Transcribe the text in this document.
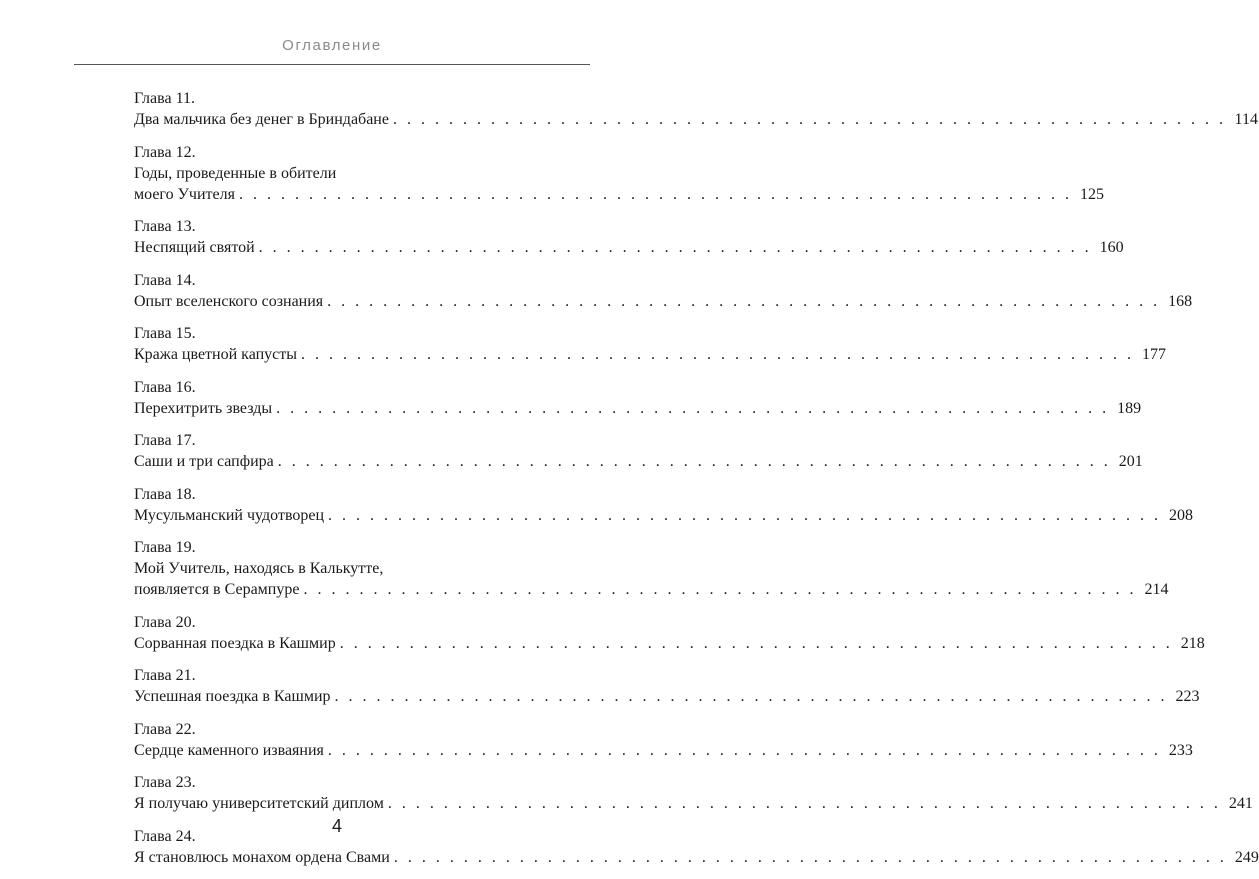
Оглавление
Глава 11.
Два мальчика без денег в Бриндабане . . . . . . . . . . . . . . . . . . . . . . . . . . . . . . . . . . . . . . . . . . . . . . . . . . . . . . . . . . . . 114
Глава 12.
Годы, проведенные в обители
моего Учителя . . . . . . . . . . . . . . . . . . . . . . . . . . . . . . . . . . . . . . . . . . . . . . . . . . . . . . . . . . . . 125
Глава 13.
Неспящий святой . . . . . . . . . . . . . . . . . . . . . . . . . . . . . . . . . . . . . . . . . . . . . . . . . . . . . . . . . . . . 160
Глава 14.
Опыт вселенского сознания . . . . . . . . . . . . . . . . . . . . . . . . . . . . . . . . . . . . . . . . . . . . . . . . . . . . . . . . . . . . 168
Глава 15.
Кража цветной капусты . . . . . . . . . . . . . . . . . . . . . . . . . . . . . . . . . . . . . . . . . . . . . . . . . . . . . . . . . . . . 177
Глава 16.
Перехитрить звезды . . . . . . . . . . . . . . . . . . . . . . . . . . . . . . . . . . . . . . . . . . . . . . . . . . . . . . . . . . . . 189
Глава 17.
Саши и три сапфира . . . . . . . . . . . . . . . . . . . . . . . . . . . . . . . . . . . . . . . . . . . . . . . . . . . . . . . . . . . . 201
Глава 18.
Мусульманский чудотворец . . . . . . . . . . . . . . . . . . . . . . . . . . . . . . . . . . . . . . . . . . . . . . . . . . . . . . . . . . . . 208
Глава 19.
Мой Учитель, находясь в Калькутте,
появляется в Серампуре . . . . . . . . . . . . . . . . . . . . . . . . . . . . . . . . . . . . . . . . . . . . . . . . . . . . . . . . . . . . 214
Глава 20.
Сорванная поездка в Кашмир . . . . . . . . . . . . . . . . . . . . . . . . . . . . . . . . . . . . . . . . . . . . . . . . . . . . . . . . . . . . 218
Глава 21.
Успешная поездка в Кашмир . . . . . . . . . . . . . . . . . . . . . . . . . . . . . . . . . . . . . . . . . . . . . . . . . . . . . . . . . . . . 223
Глава 22.
Сердце каменного изваяния . . . . . . . . . . . . . . . . . . . . . . . . . . . . . . . . . . . . . . . . . . . . . . . . . . . . . . . . . . . . 233
Глава 23.
Я получаю университетский диплом . . . . . . . . . . . . . . . . . . . . . . . . . . . . . . . . . . . . . . . . . . . . . . . . . . . . . . . . . . . . 241
Глава 24.
Я становлюсь монахом ордена Свами . . . . . . . . . . . . . . . . . . . . . . . . . . . . . . . . . . . . . . . . . . . . . . . . . . . . . . . . . . . . 249
4
